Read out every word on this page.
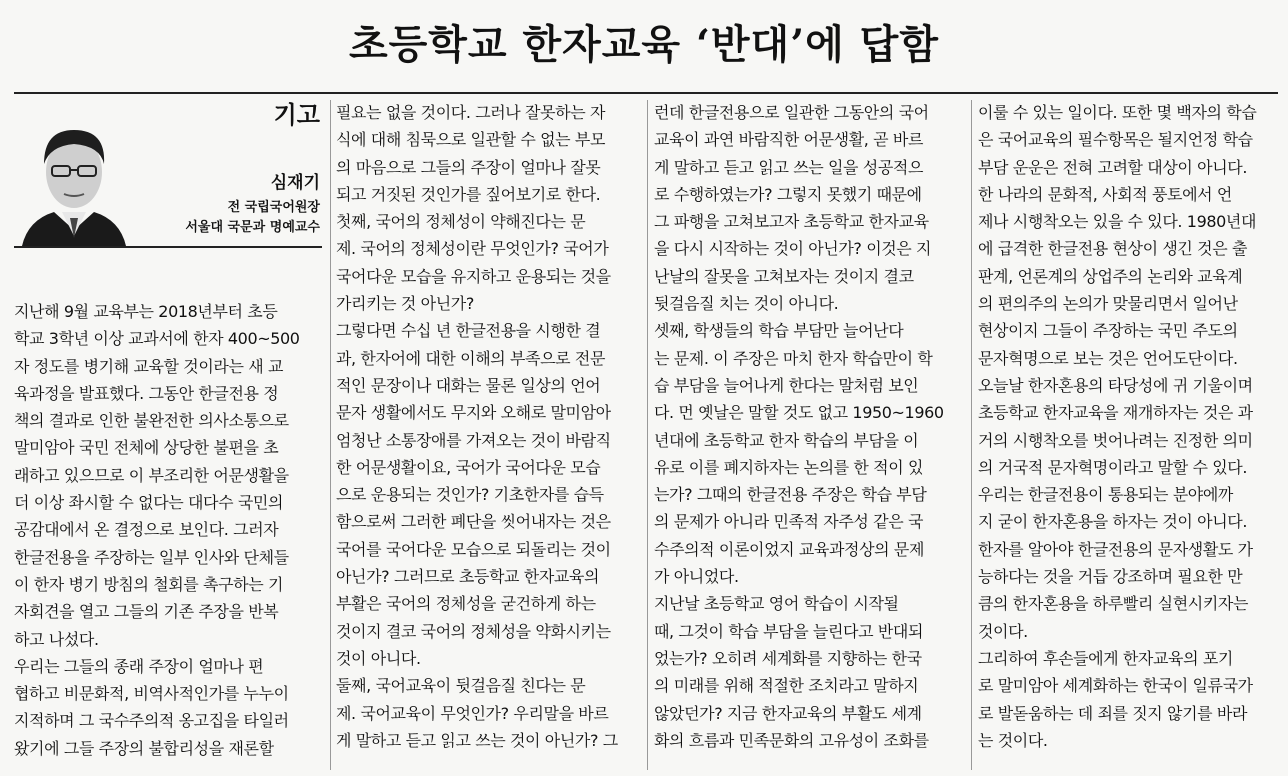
초등학교 한자교육 ‘반대’에 답함
기고
심재기
전 국립국어원장
서울대 국문과 명예교수

지난해 9월 교육부는 2018년부터 초등

학교 3학년 이상 교과서에 한자 400~500

자 정도를 병기해 교육할 것이라는 새 교

육과정을 발표했다. 그동안 한글전용 정

책의 결과로 인한 불완전한 의사소통으로

말미암아 국민 전체에 상당한 불편을 초

래하고 있으므로 이 부조리한 어문생활을

더 이상 좌시할 수 없다는 대다수 국민의

공감대에서 온 결정으로 보인다. 그러자

한글전용을 주장하는 일부 인사와 단체들

이 한자 병기 방침의 철회를 촉구하는 기

자회견을 열고 그들의 기존 주장을 반복

하고 나섰다.

우리는 그들의 종래 주장이 얼마나 편

협하고 비문화적, 비역사적인가를 누누이

지적하며 그 국수주의적 옹고집을 타일러

왔기에 그들 주장의 불합리성을 재론할

필요는 없을 것이다. 그러나 잘못하는 자

식에 대해 침묵으로 일관할 수 없는 부모

의 마음으로 그들의 주장이 얼마나 잘못

되고 거짓된 것인가를 짚어보기로 한다.

첫째, 국어의 정체성이 약해진다는 문

제. 국어의 정체성이란 무엇인가? 국어가

국어다운 모습을 유지하고 운용되는 것을

가리키는 것 아닌가?

그렇다면 수십 년 한글전용을 시행한 결

과, 한자어에 대한 이해의 부족으로 전문

적인 문장이나 대화는 물론 일상의 언어

문자 생활에서도 무지와 오해로 말미암아

엄청난 소통장애를 가져오는 것이 바람직

한 어문생활이요, 국어가 국어다운 모습

으로 운용되는 것인가? 기초한자를 습득

함으로써 그러한 폐단을 씻어내자는 것은

국어를 국어다운 모습으로 되돌리는 것이

아닌가? 그러므로 초등학교 한자교육의

부활은 국어의 정체성을 굳건하게 하는

것이지 결코 국어의 정체성을 약화시키는

것이 아니다.

둘째, 국어교육이 뒷걸음질 친다는 문

제. 국어교육이 무엇인가? 우리말을 바르

게 말하고 듣고 읽고 쓰는 것이 아닌가? 그

런데 한글전용으로 일관한 그동안의 국어

교육이 과연 바람직한 어문생활, 곧 바르

게 말하고 듣고 읽고 쓰는 일을 성공적으

로 수행하였는가? 그렇지 못했기 때문에

그 파행을 고쳐보고자 초등학교 한자교육

을 다시 시작하는 것이 아닌가? 이것은 지

난날의 잘못을 고쳐보자는 것이지 결코

뒷걸음질 치는 것이 아니다.

셋째, 학생들의 학습 부담만 늘어난다

는 문제. 이 주장은 마치 한자 학습만이 학

습 부담을 늘어나게 한다는 말처럼 보인

다. 먼 옛날은 말할 것도 없고 1950~1960

년대에 초등학교 한자 학습의 부담을 이

유로 이를 폐지하자는 논의를 한 적이 있

는가? 그때의 한글전용 주장은 학습 부담

의 문제가 아니라 민족적 자주성 같은 국

수주의적 이론이었지 교육과정상의 문제

가 아니었다.

지난날 초등학교 영어 학습이 시작될

때, 그것이 학습 부담을 늘린다고 반대되

었는가? 오히려 세계화를 지향하는 한국

의 미래를 위해 적절한 조치라고 말하지

않았던가? 지금 한자교육의 부활도 세계

화의 흐름과 민족문화의 고유성이 조화를

이룰 수 있는 일이다. 또한 몇 백자의 학습

은 국어교육의 필수항목은 될지언정 학습

부담 운운은 전혀 고려할 대상이 아니다.

한 나라의 문화적, 사회적 풍토에서 언

제나 시행착오는 있을 수 있다. 1980년대

에 급격한 한글전용 현상이 생긴 것은 출

판계, 언론계의 상업주의 논리와 교육계

의 편의주의 논의가 맞물리면서 일어난

현상이지 그들이 주장하는 국민 주도의

문자혁명으로 보는 것은 언어도단이다.

오늘날 한자혼용의 타당성에 귀 기울이며

초등학교 한자교육을 재개하자는 것은 과

거의 시행착오를 벗어나려는 진정한 의미

의 거국적 문자혁명이라고 말할 수 있다.

우리는 한글전용이 통용되는 분야에까

지 굳이 한자혼용을 하자는 것이 아니다.

한자를 알아야 한글전용의 문자생활도 가

능하다는 것을 거듭 강조하며 필요한 만

큼의 한자혼용을 하루빨리 실현시키자는

것이다.

그리하여 후손들에게 한자교육의 포기

로 말미암아 세계화하는 한국이 일류국가

로 발돋움하는 데 죄를 짓지 않기를 바라

는 것이다.
